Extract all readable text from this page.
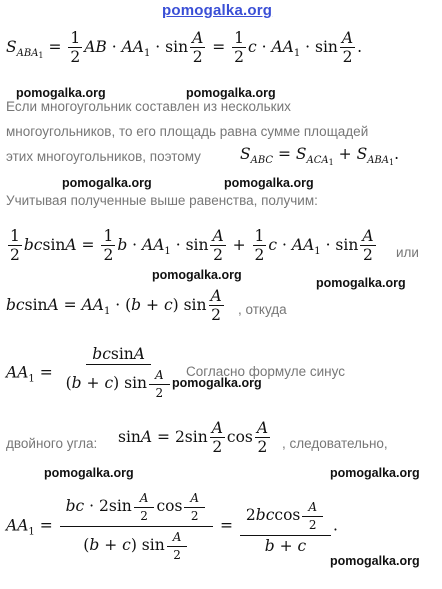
pomogalka.org
$S_{ABA1} = \frac{1}{2}$ AB · $AA_1 \cdot \sin \frac{A}{2} = \frac{1}{2}$ $c \cdot AA_1 \cdot \sin \frac{A}{2}$ .
pomogalka.org	pomogalka.org
Если многоугольник составлен из нескольких
многоугольников, то его площадь равна сумме площадей
этих многоугольников, поэтому	$S_{ABC} = S_{ACA1} + S_{ABA1}$.
pomogalka.org	pomogalka.org
Учитывая полученные выше равенства, получим:
$\frac{1}{2}$ $bcsinA = \frac{1}{2}$ $b \cdot AA_1 \cdot \sin \frac{A}{2} + \frac{1}{2}$ $c \cdot AA_1 \cdot \sin \frac{A}{2}$ или
pomogalka.org
pomogalka.org
$bcsinA = AA_1 \cdot (b + c)$ $\sin \frac{A}{2}$ , откуда
$AA_1 = \frac{bcsinA}{(b + c) \sin \frac{A}{2}}$ Согласно формуле синус
pomogalka.org
двойного угла: $\sin A = 2\sin \frac{A}{2}$ $\cos \frac{A}{2}$ , следовательно,
pomogalka.org	pomogalka.org
$AA_1 = \frac{bc \cdot 2\sin \frac{A}{2} \cos \frac{A}{2}}{(b + c) \sin \frac{A}{2}} = \frac{2bccos \frac{A}{2}}{b + c}$ .
pomogalka.org
